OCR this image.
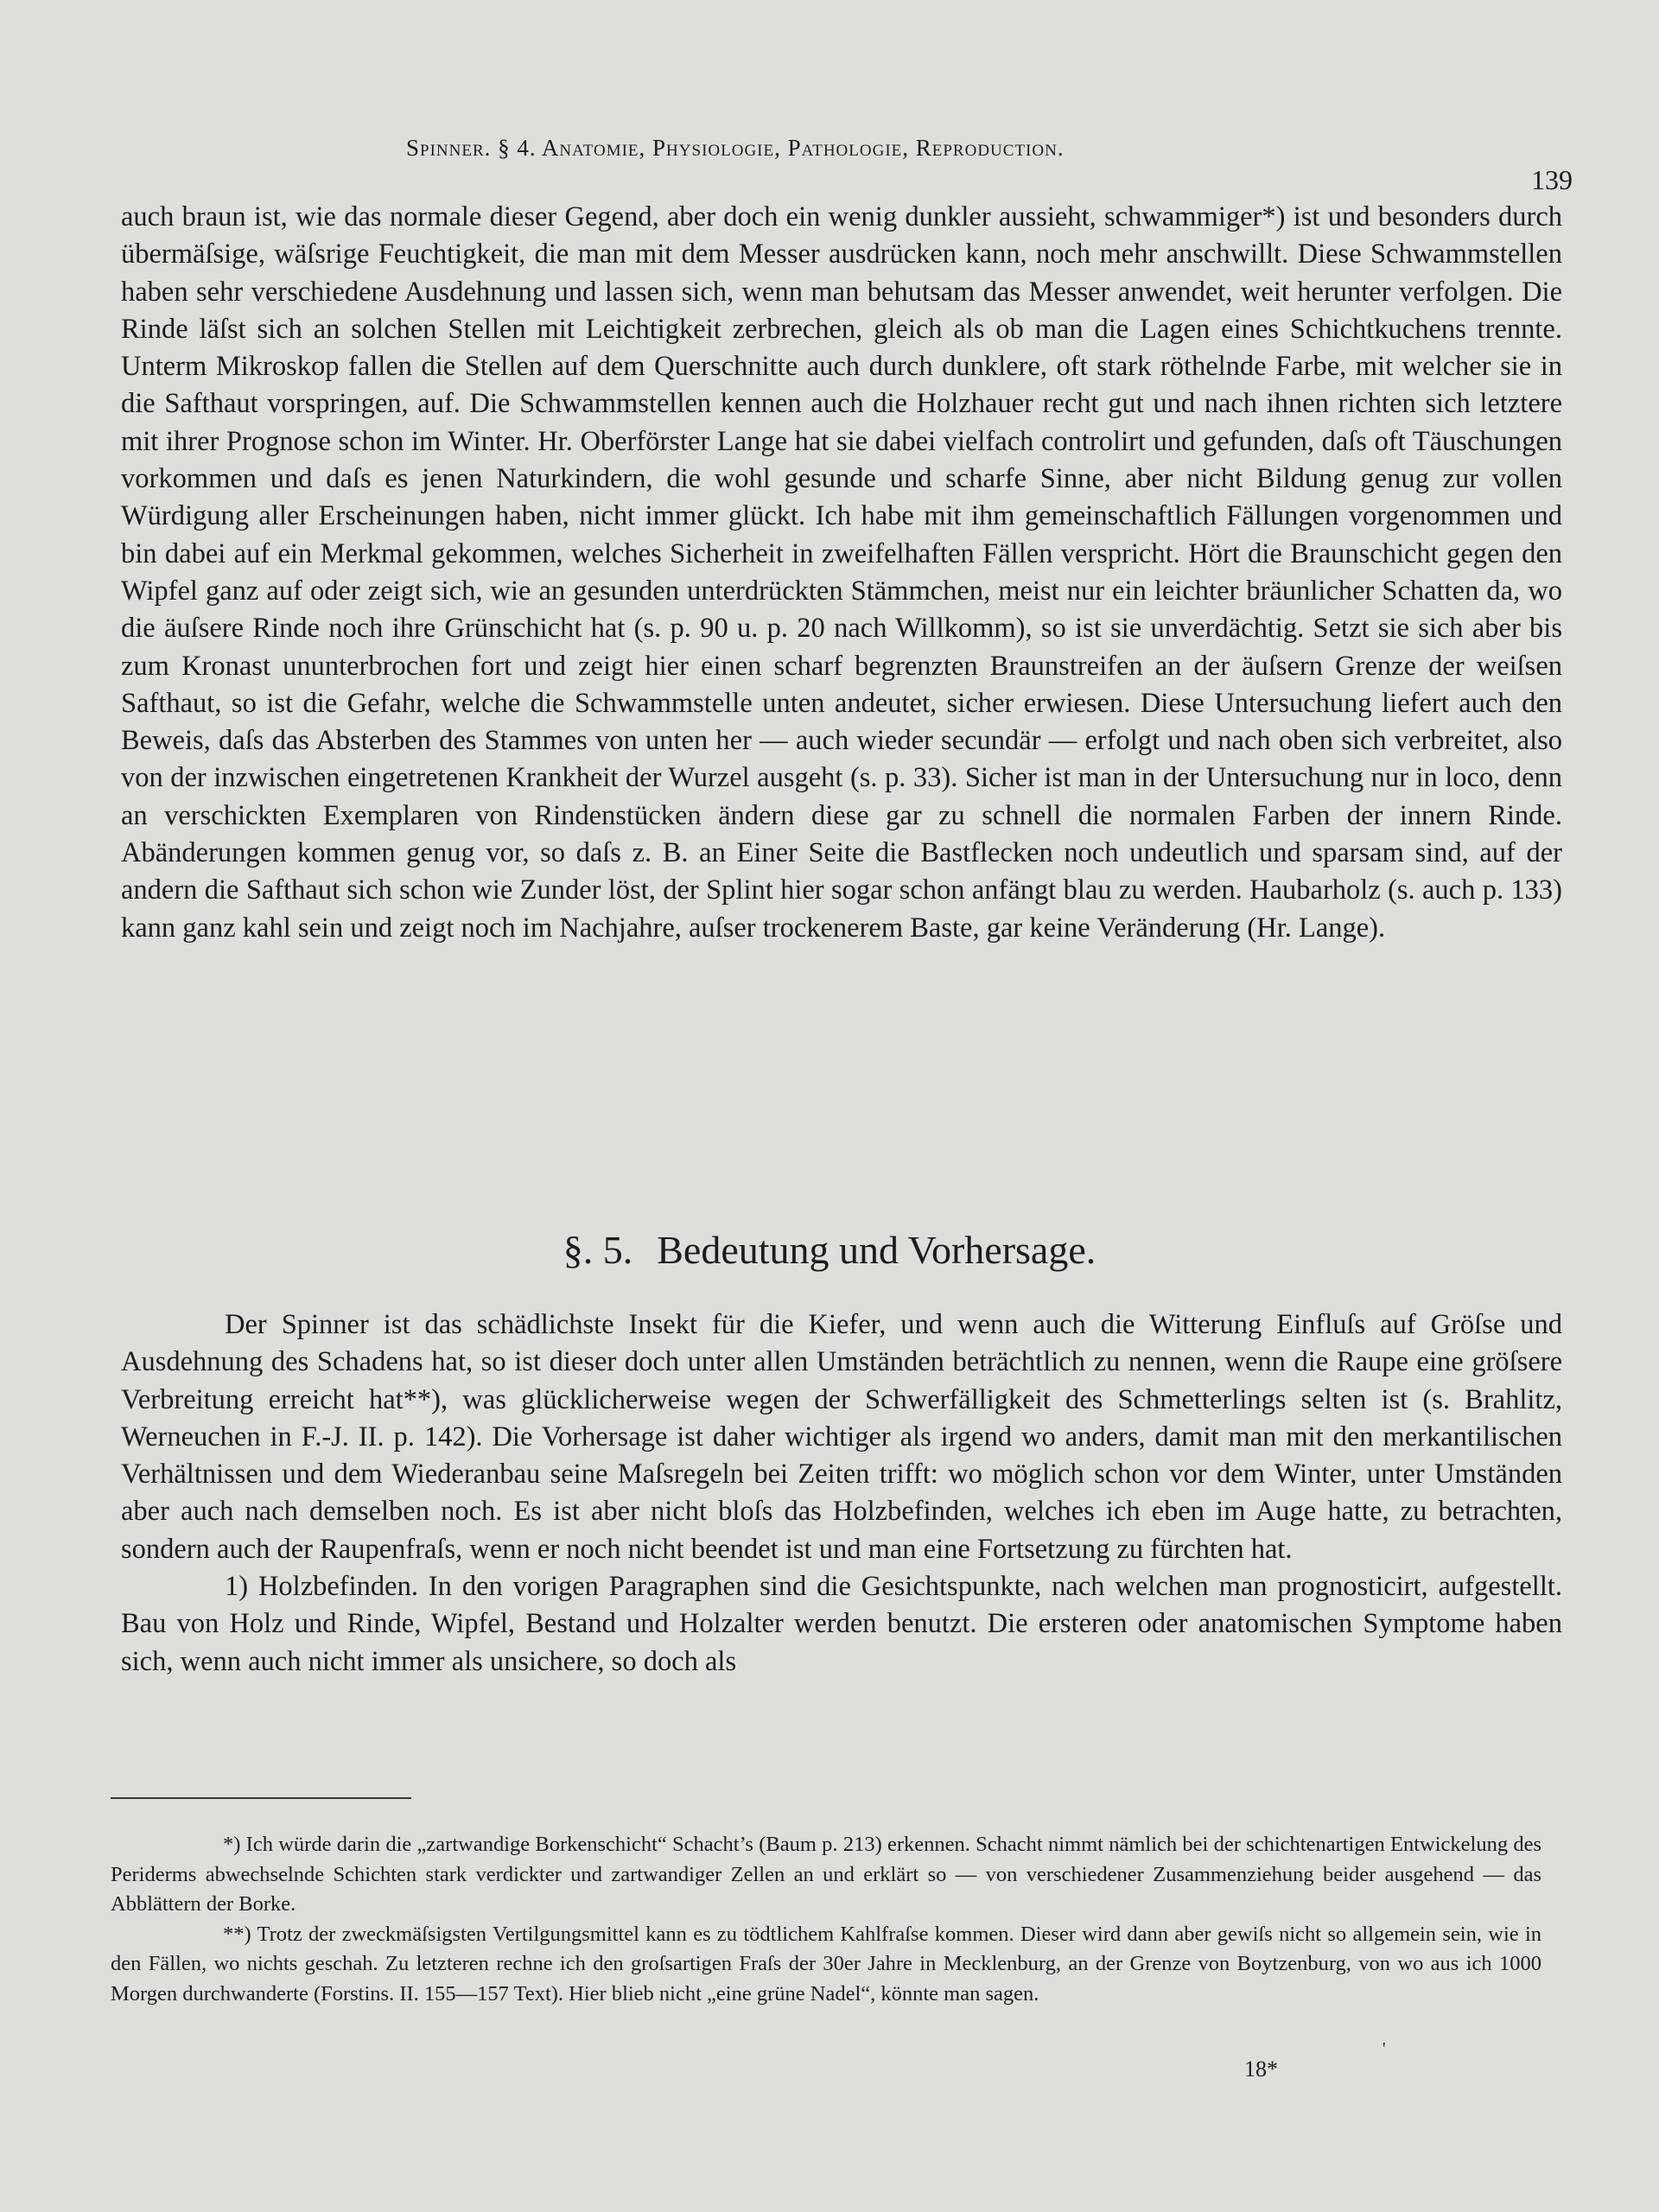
Spinner. § 4. Anatomie, Physiologie, Pathologie, Reproduction.
139
auch braun ist, wie das normale dieser Gegend, aber doch ein wenig dunkler aussieht, schwammiger*) ist und besonders durch übermäſsige, wäſsrige Feuchtigkeit, die man mit dem Messer ausdrücken kann, noch mehr anschwillt. Diese Schwammstellen haben sehr verschiedene Ausdehnung und lassen sich, wenn man behutsam das Messer anwendet, weit herunter verfolgen. Die Rinde läſst sich an solchen Stellen mit Leichtigkeit zerbrechen, gleich als ob man die Lagen eines Schichtkuchens trennte. Unterm Mikroskop fallen die Stellen auf dem Querschnitte auch durch dunklere, oft stark röthelnde Farbe, mit welcher sie in die Safthaut vorspringen, auf. Die Schwammstellen kennen auch die Holzhauer recht gut und nach ihnen richten sich letztere mit ihrer Prognose schon im Winter. Hr. Oberförster Lange hat sie dabei vielfach controlirt und gefunden, daſs oft Täuschungen vorkommen und daſs es jenen Naturkindern, die wohl gesunde und scharfe Sinne, aber nicht Bildung genug zur vollen Würdigung aller Erscheinungen haben, nicht immer glückt. Ich habe mit ihm gemeinschaftlich Fällungen vorgenommen und bin dabei auf ein Merkmal gekommen, welches Sicherheit in zweifelhaften Fällen verspricht. Hört die Braunschicht gegen den Wipfel ganz auf oder zeigt sich, wie an gesunden unterdrückten Stämmchen, meist nur ein leichter bräunlicher Schatten da, wo die äuſsere Rinde noch ihre Grünschicht hat (s. p. 90 u. p. 20 nach Willkomm), so ist sie unverdächtig. Setzt sie sich aber bis zum Kronast ununterbrochen fort und zeigt hier einen scharf begrenzten Braunstreifen an der äuſsern Grenze der weiſsen Safthaut, so ist die Gefahr, welche die Schwammstelle unten andeutet, sicher erwiesen. Diese Untersuchung liefert auch den Beweis, daſs das Absterben des Stammes von unten her — auch wieder secundär — erfolgt und nach oben sich verbreitet, also von der inzwischen eingetretenen Krankheit der Wurzel ausgeht (s. p. 33). Sicher ist man in der Untersuchung nur in loco, denn an verschickten Exemplaren von Rindenstücken ändern diese gar zu schnell die normalen Farben der innern Rinde. Abänderungen kommen genug vor, so daſs z. B. an Einer Seite die Bastflecken noch undeutlich und sparsam sind, auf der andern die Safthaut sich schon wie Zunder löst, der Splint hier sogar schon anfängt blau zu werden. Haubarholz (s. auch p. 133) kann ganz kahl sein und zeigt noch im Nachjahre, auſser trockenerem Baste, gar keine Veränderung (Hr. Lange).
§. 5. Bedeutung und Vorhersage.

Der Spinner ist das schädlichste Insekt für die Kiefer, und wenn auch die Witterung Einfluſs auf Gröſse und Ausdehnung des Schadens hat, so ist dieser doch unter allen Umständen beträchtlich zu nennen, wenn die Raupe eine gröſsere Verbreitung erreicht hat**), was glücklicherweise wegen der Schwerfälligkeit des Schmetterlings selten ist (s. Brahlitz, Werneuchen in F.-J. II. p. 142). Die Vorhersage ist daher wichtiger als irgend wo anders, damit man mit den merkantilischen Verhältnissen und dem Wiederanbau seine Maſsregeln bei Zeiten trifft: wo möglich schon vor dem Winter, unter Umständen aber auch nach demselben noch. Es ist aber nicht bloſs das Holzbefinden, welches ich eben im Auge hatte, zu betrachten, sondern auch der Raupenfraſs, wenn er noch nicht beendet ist und man eine Fortsetzung zu fürchten hat.

1) Holzbefinden. In den vorigen Paragraphen sind die Gesichtspunkte, nach welchen man prognosticirt, aufgestellt. Bau von Holz und Rinde, Wipfel, Bestand und Holzalter werden benutzt. Die ersteren oder anatomischen Symptome haben sich, wenn auch nicht immer als unsichere, so doch als

*) Ich würde darin die „zartwandige Borkenschicht“ Schacht’s (Baum p. 213) erkennen. Schacht nimmt nämlich bei der schichtenartigen Entwickelung des Periderms abwechselnde Schichten stark verdickter und zartwandiger Zellen an und erklärt so — von verschiedener Zusammenziehung beider ausgehend — das Abblättern der Borke.

**) Trotz der zweckmäſsigsten Vertilgungsmittel kann es zu tödtlichem Kahlfraſse kommen. Dieser wird dann aber gewiſs nicht so allgemein sein, wie in den Fällen, wo nichts geschah. Zu letzteren rechne ich den groſsartigen Fraſs der 30er Jahre in Mecklenburg, an der Grenze von Boytzenburg, von wo aus ich 1000 Morgen durchwanderte (Forstins. II. 155—157 Text). Hier blieb nicht „eine grüne Nadel“, könnte man sagen.

18*
'
